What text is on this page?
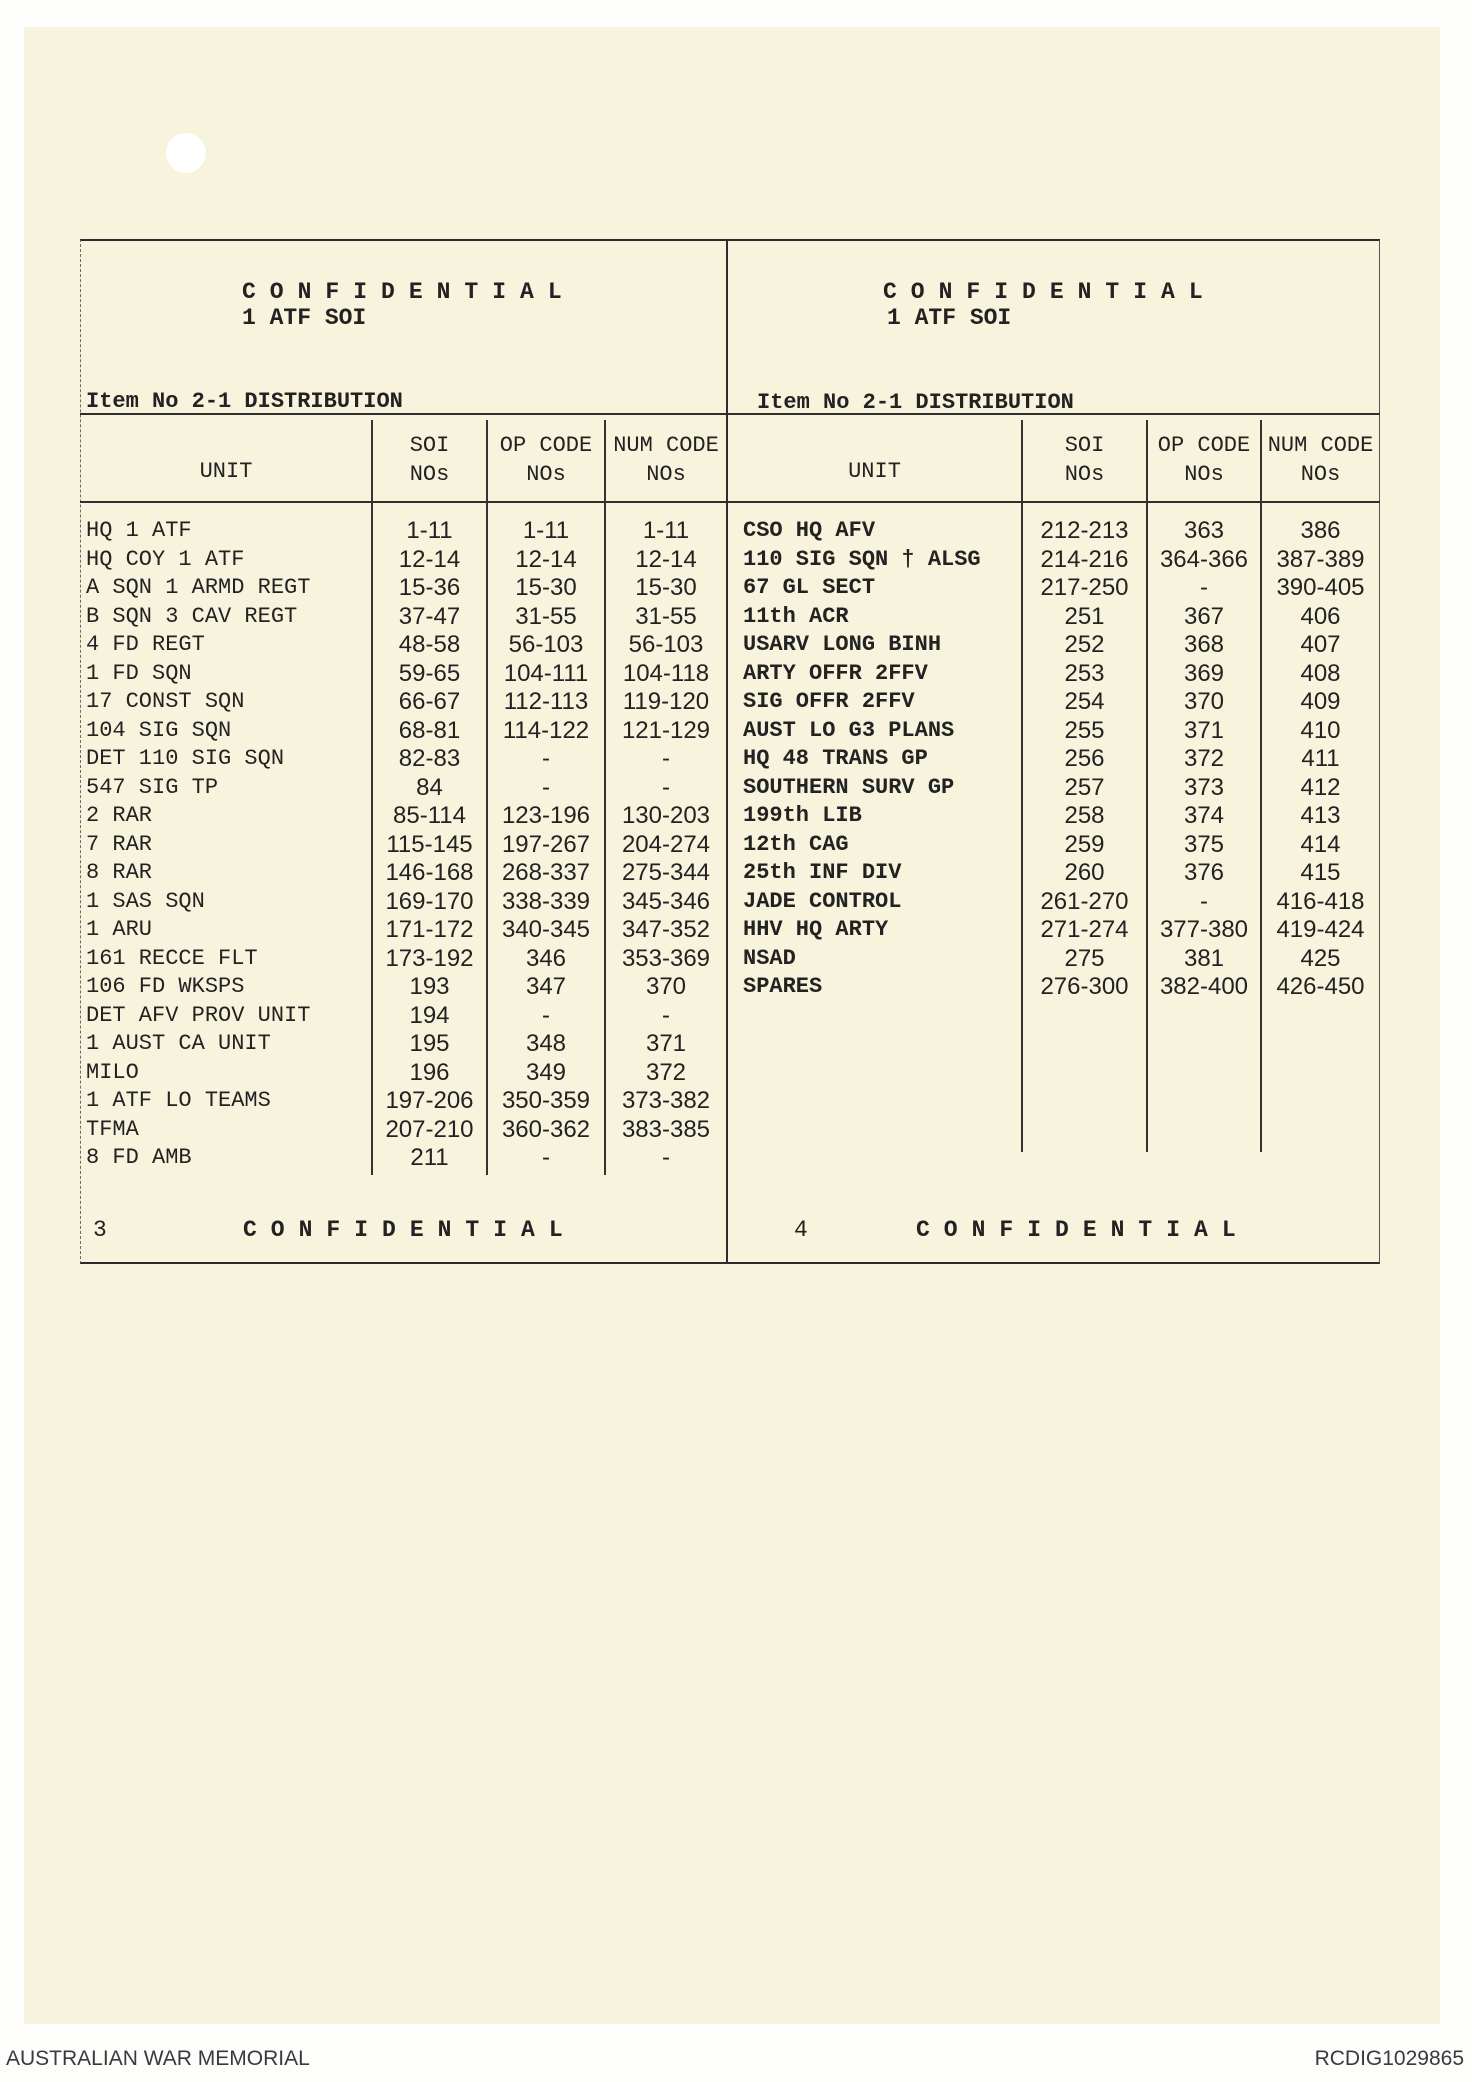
CONFIDENTIAL
1 ATF SOI
Item No 2-1 DISTRIBUTION
UNIT
SOI
NOs
OP CODE
NOs
NUM CODE
NOs
HQ 1 ATF	1-11	1-11	1-11
HQ COY 1 ATF	12-14	12-14	12-14
A SQN 1 ARMD REGT	15-36	15-30	15-30
B SQN 3 CAV REGT	37-47	31-55	31-55
4 FD REGT	48-58	56-103	56-103
1 FD SQN	59-65	104-111	104-118
17 CONST SQN	66-67	112-113	119-120
104 SIG SQN	68-81	114-122	121-129
DET 110 SIG SQN	82-83	-	-
547 SIG TP	84	-	-
2 RAR	85-114	123-196	130-203
7 RAR	115-145	197-267	204-274
8 RAR	146-168	268-337	275-344
1 SAS SQN	169-170	338-339	345-346
1 ARU	171-172	340-345	347-352
161 RECCE FLT	173-192	346	353-369
106 FD WKSPS	193	347	370
DET AFV PROV UNIT	194	-	-
1 AUST CA UNIT	195	348	371
MILO	196	349	372
1 ATF LO TEAMS	197-206	350-359	373-382
TFMA	207-210	360-362	383-385
8 FD AMB	211	-	-
3	CONFIDENTIAL
CONFIDENTIAL
1 ATF SOI
Item No 2-1 DISTRIBUTION
UNIT
SOI
NOs
OP CODE
NOs
NUM CODE
NOs
CSO HQ AFV	212-213	363	386
110 SIG SQN † ALSG	214-216	364-366	387-389
67 GL SECT	217-250	-	390-405
11th ACR	251	367	406
USARV LONG BINH	252	368	407
ARTY OFFR 2FFV	253	369	408
SIG OFFR 2FFV	254	370	409
AUST LO G3 PLANS	255	371	410
HQ 48 TRANS GP	256	372	411
SOUTHERN SURV GP	257	373	412
199th LIB	258	374	413
12th CAG	259	375	414
25th INF DIV	260	376	415
JADE CONTROL	261-270	-	416-418
HHV HQ ARTY	271-274	377-380	419-424
NSAD	275	381	425
SPARES	276-300	382-400	426-450
4	CONFIDENTIAL
AUSTRALIAN WAR MEMORIAL	RCDIG1029865
